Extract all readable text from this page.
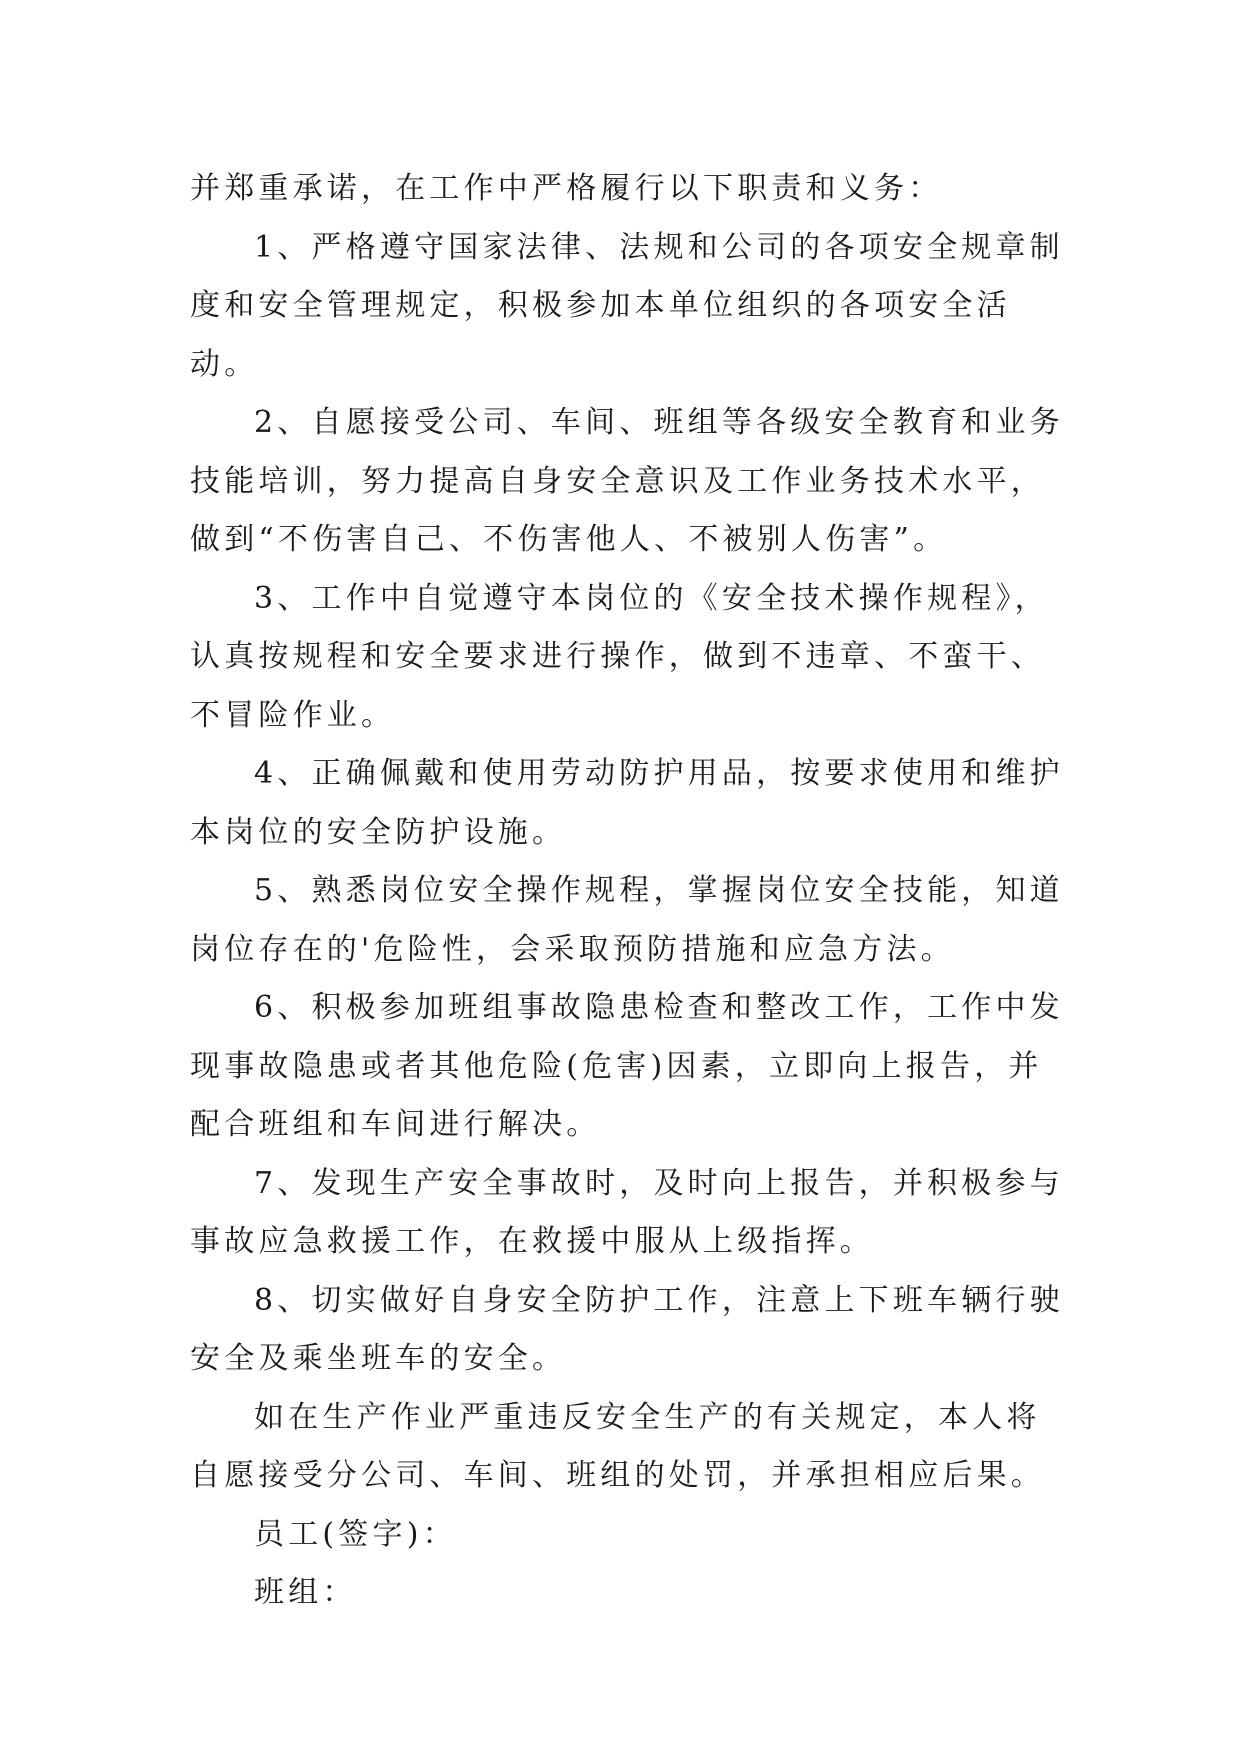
并郑重承诺，在工作中严格履行以下职责和义务：

1、严格遵守国家法律、法规和公司的各项安全规章制度和安全管理规定，积极参加本单位组织的各项安全活动。

2、自愿接受公司、车间、班组等各级安全教育和业务技能培训，努力提高自身安全意识及工作业务技术水平，做到“不伤害自己、不伤害他人、不被别人伤害”。

3、工作中自觉遵守本岗位的《安全技术操作规程》，认真按规程和安全要求进行操作，做到不违章、不蛮干、不冒险作业。

4、正确佩戴和使用劳动防护用品，按要求使用和维护本岗位的安全防护设施。

5、熟悉岗位安全操作规程，掌握岗位安全技能，知道岗位存在的'危险性，会采取预防措施和应急方法。

6、积极参加班组事故隐患检查和整改工作，工作中发现事故隐患或者其他危险(危害)因素，立即向上报告，并配合班组和车间进行解决。

7、发现生产安全事故时，及时向上报告，并积极参与事故应急救援工作，在救援中服从上级指挥。

8、切实做好自身安全防护工作，注意上下班车辆行驶安全及乘坐班车的安全。

如在生产作业严重违反安全生产的有关规定，本人将自愿接受分公司、车间、班组的处罚，并承担相应后果。

员工(签字)：

班组：
